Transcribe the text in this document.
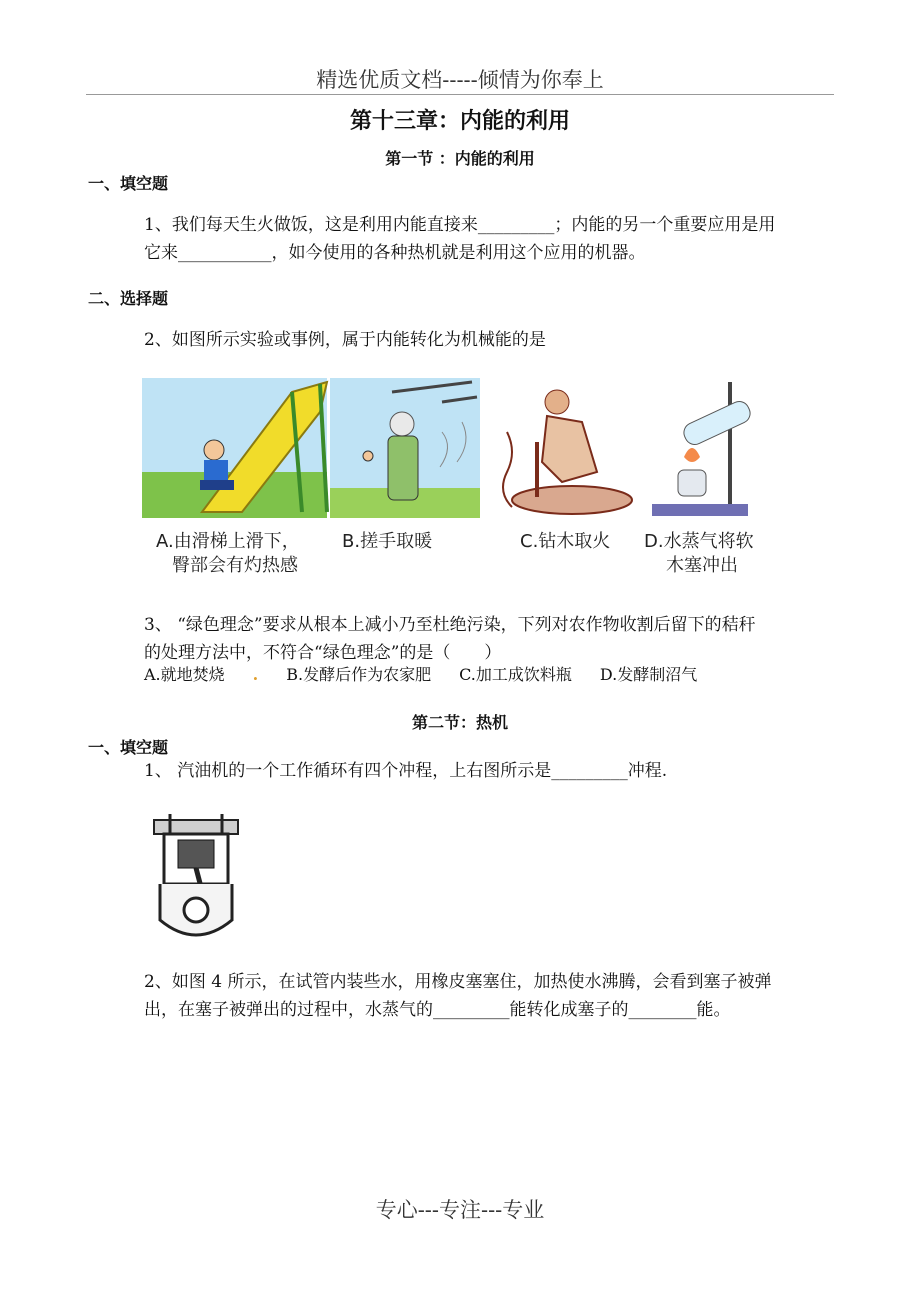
精选优质文档-----倾情为你奉上
第十三章：内能的利用
第一节 ：内能的利用
一、填空题
1、我们每天生火做饭，这是利用内能直接来_________；内能的另一个重要应用是用
它来___________，如今使用的各种热机就是利用这个应用的机器。
二、选择题
2、如图所示实验或事例，属于内能转化为机械能的是
A.由滑梯上滑下，
臀部会有灼热感
B.搓手取暖	C.钻木取火 D.水蒸气将软
木塞冲出
3、 “绿色理念”要求从根本上减小乃至杜绝污染，下列对农作物收割后留下的秸秆
的处理方法中，不符合“绿色理念”的是（　　）
A.就地焚烧 . B.发酵后作为农家肥 C.加工成饮料瓶 D.发酵制沼气
第二节：热机
一、填空题
1、 汽油机的一个工作循环有四个冲程，上右图所示是_________冲程.
2、如图 4 所示，在试管内装些水，用橡皮塞塞住，加热使水沸腾，会看到塞子被弹
出，在塞子被弹出的过程中，水蒸气的_________能转化成塞子的________能。
专心---专注---专业
